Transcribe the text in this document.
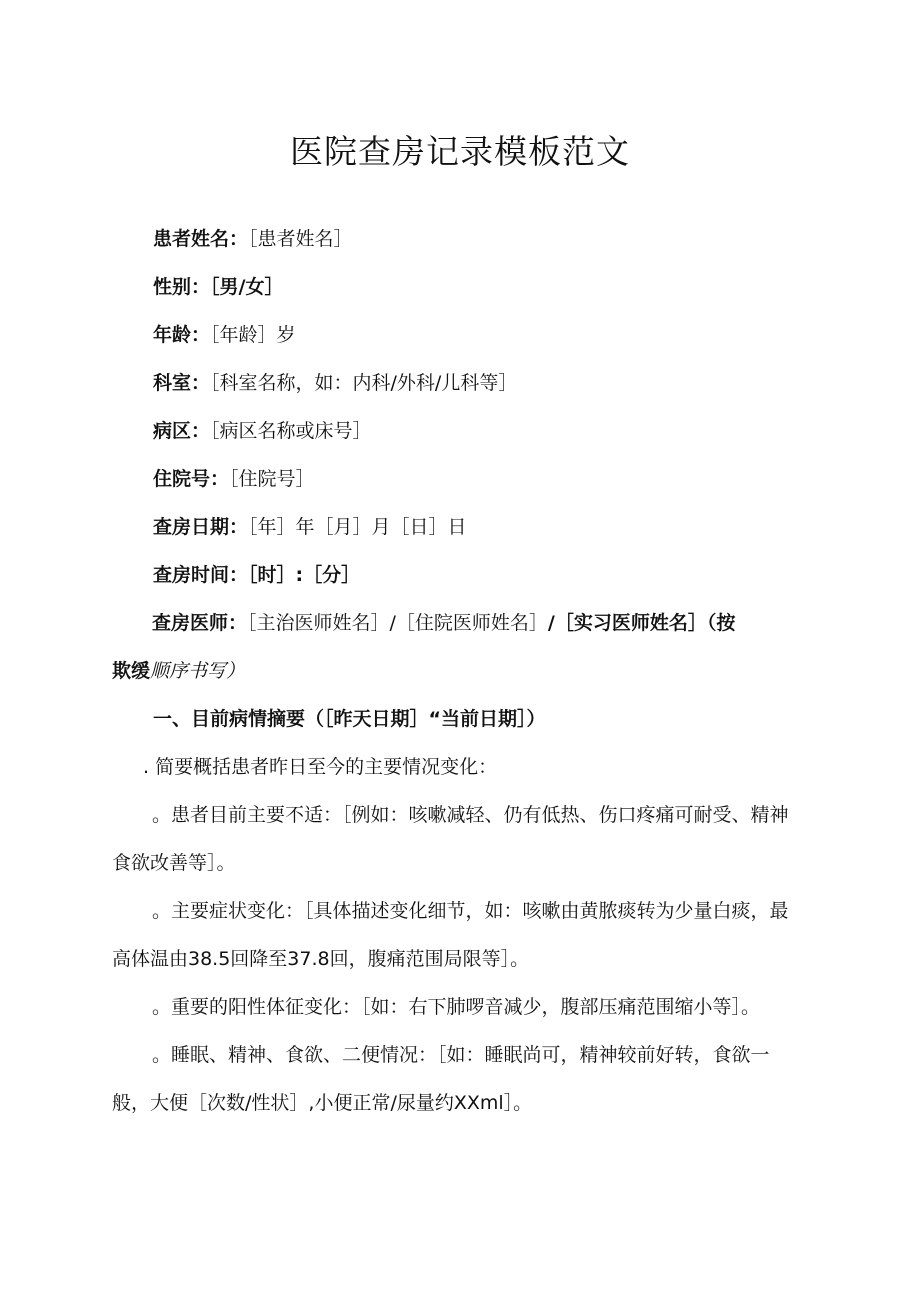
医院查房记录模板范文
患者姓名：［患者姓名］
性别：［男/女］
年龄：［年龄］岁
科室：［科室名称，如：内科/外科/儿科等］
病区：［病区名称或床号］
住院号：［住院号］
查房日期：［年］年［月］月［日］日
查房时间：［时］:［分］

查房医师：［主治医师姓名］/［住院医师姓名］/［实习医师姓名］（按

欺缓顺序书写）
一、目前病情摘要（［昨天日期］“当前日期］）
. 简要概括患者昨日至今的主要情况变化：

。患者目前主要不适：［例如：咳嗽减轻、仍有低热、伤口疼痛可耐受、精神食欲改善等］。

。主要症状变化：［具体描述变化细节，如：咳嗽由黄脓痰转为少量白痰，最高体温由38.5回降至37.8回，腹痛范围局限等］。

。重要的阳性体征变化：［如：右下肺啰音减少，腹部压痛范围缩小等］。

。睡眠、精神、食欲、二便情况：［如：睡眠尚可，精神较前好转，食欲一般，大便［次数/性状］,小便正常/尿量约XXml］。
